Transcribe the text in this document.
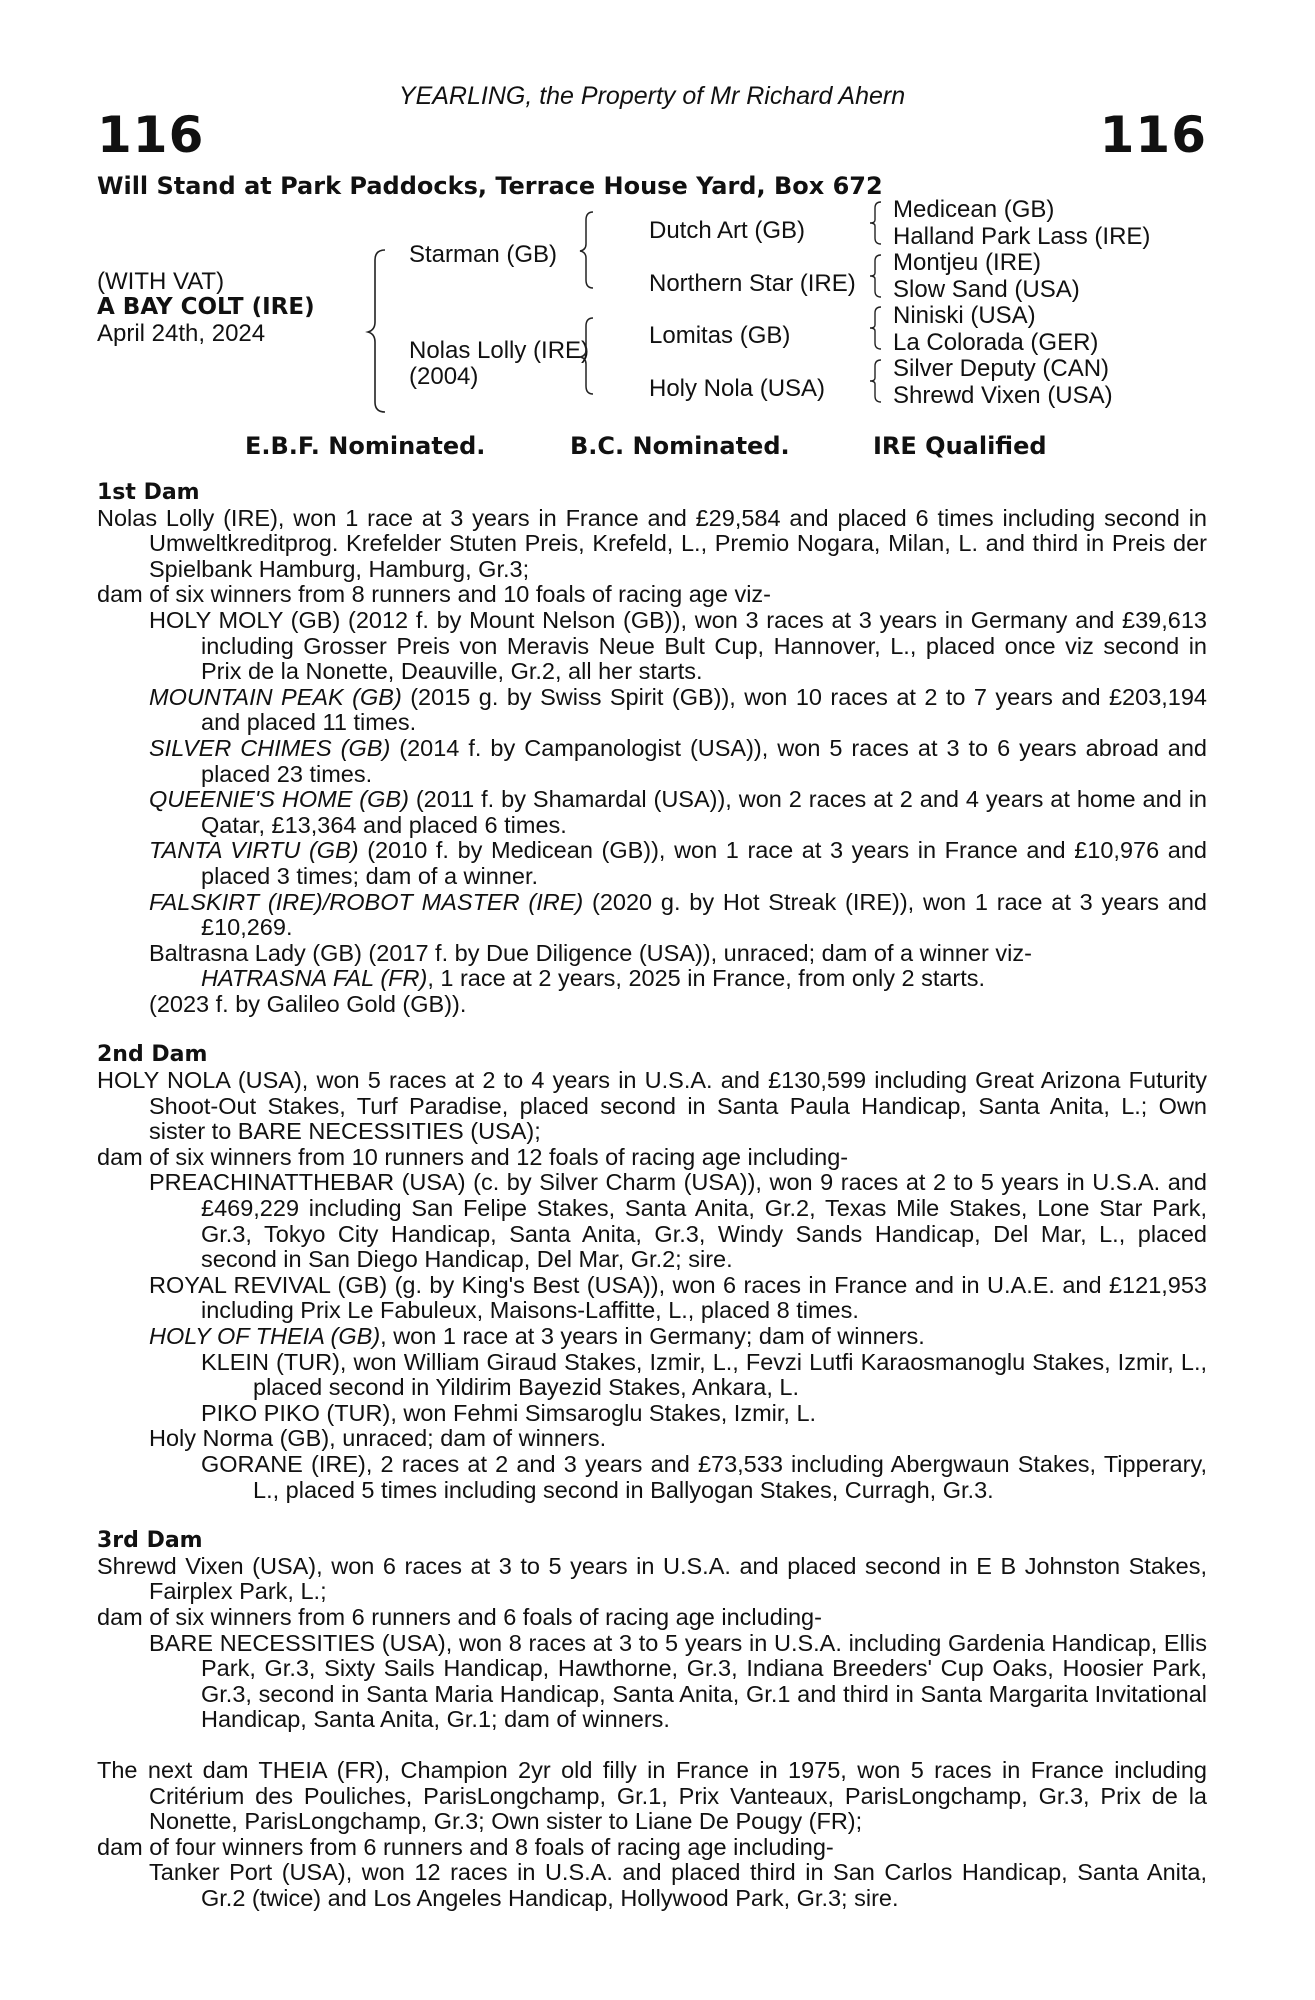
YEARLING, the Property of Mr Richard Ahern
116	116
Will Stand at Park Paddocks, Terrace House Yard, Box 672
(WITH VAT)
A BAY COLT (IRE)
April 24th, 2024
Starman (GB)
Nolas Lolly (IRE)
(2004)
Dutch Art (GB)
Northern Star (IRE)
Lomitas (GB)
Holy Nola (USA)
Medicean (GB)
Halland Park Lass (IRE)
Montjeu (IRE)
Slow Sand (USA)
Niniski (USA)
La Colorada (GER)
Silver Deputy (CAN)
Shrewd Vixen (USA)
E.B.F. Nominated.	B.C. Nominated.	IRE Qualified
1st Dam

Nolas Lolly (IRE), won 1 race at 3 years in France and £29,584 and placed 6 times including second in Umweltkreditprog. Krefelder Stuten Preis, Krefeld, L., Premio Nogara, Milan, L. and third in Preis der Spielbank Hamburg, Hamburg, Gr.3;

dam of six winners from 8 runners and 10 foals of racing age viz-

HOLY MOLY (GB) (2012 f. by Mount Nelson (GB)), won 3 races at 3 years in Germany and £39,613 including Grosser Preis von Meravis Neue Bult Cup, Hannover, L., placed once viz second in Prix de la Nonette, Deauville, Gr.2, all her starts.

MOUNTAIN PEAK (GB) (2015 g. by Swiss Spirit (GB)), won 10 races at 2 to 7 years and £203,194 and placed 11 times.

SILVER CHIMES (GB) (2014 f. by Campanologist (USA)), won 5 races at 3 to 6 years abroad and placed 23 times.

QUEENIE'S HOME (GB) (2011 f. by Shamardal (USA)), won 2 races at 2 and 4 years at home and in Qatar, £13,364 and placed 6 times.

TANTA VIRTU (GB) (2010 f. by Medicean (GB)), won 1 race at 3 years in France and £10,976 and placed 3 times; dam of a winner.

FALSKIRT (IRE)/ROBOT MASTER (IRE) (2020 g. by Hot Streak (IRE)), won 1 race at 3 years and £10,269.

Baltrasna Lady (GB) (2017 f. by Due Diligence (USA)), unraced; dam of a winner viz-

HATRASNA FAL (FR), 1 race at 2 years, 2025 in France, from only 2 starts.

(2023 f. by Galileo Gold (GB)).

2nd Dam

HOLY NOLA (USA), won 5 races at 2 to 4 years in U.S.A. and £130,599 including Great Arizona Futurity Shoot-Out Stakes, Turf Paradise, placed second in Santa Paula Handicap, Santa Anita, L.; Own sister to BARE NECESSITIES (USA);

dam of six winners from 10 runners and 12 foals of racing age including-

PREACHINATTHEBAR (USA) (c. by Silver Charm (USA)), won 9 races at 2 to 5 years in U.S.A. and £469,229 including San Felipe Stakes, Santa Anita, Gr.2, Texas Mile Stakes, Lone Star Park, Gr.3, Tokyo City Handicap, Santa Anita, Gr.3, Windy Sands Handicap, Del Mar, L., placed second in San Diego Handicap, Del Mar, Gr.2; sire.

ROYAL REVIVAL (GB) (g. by King's Best (USA)), won 6 races in France and in U.A.E. and £121,953 including Prix Le Fabuleux, Maisons-Laffitte, L., placed 8 times.

HOLY OF THEIA (GB), won 1 race at 3 years in Germany; dam of winners.

KLEIN (TUR), won William Giraud Stakes, Izmir, L., Fevzi Lutfi Karaosmanoglu Stakes, Izmir, L., placed second in Yildirim Bayezid Stakes, Ankara, L.

PIKO PIKO (TUR), won Fehmi Simsaroglu Stakes, Izmir, L.

Holy Norma (GB), unraced; dam of winners.

GORANE (IRE), 2 races at 2 and 3 years and £73,533 including Abergwaun Stakes, Tipperary, L., placed 5 times including second in Ballyogan Stakes, Curragh, Gr.3.

3rd Dam

Shrewd Vixen (USA), won 6 races at 3 to 5 years in U.S.A. and placed second in E B Johnston Stakes, Fairplex Park, L.;

dam of six winners from 6 runners and 6 foals of racing age including-

BARE NECESSITIES (USA), won 8 races at 3 to 5 years in U.S.A. including Gardenia Handicap, Ellis Park, Gr.3, Sixty Sails Handicap, Hawthorne, Gr.3, Indiana Breeders' Cup Oaks, Hoosier Park, Gr.3, second in Santa Maria Handicap, Santa Anita, Gr.1 and third in Santa Margarita Invitational Handicap, Santa Anita, Gr.1; dam of winners.

The next dam THEIA (FR), Champion 2yr old filly in France in 1975, won 5 races in France including Critérium des Pouliches, ParisLongchamp, Gr.1, Prix Vanteaux, ParisLongchamp, Gr.3, Prix de la Nonette, ParisLongchamp, Gr.3; Own sister to Liane De Pougy (FR);

dam of four winners from 6 runners and 8 foals of racing age including-

Tanker Port (USA), won 12 races in U.S.A. and placed third in San Carlos Handicap, Santa Anita, Gr.2 (twice) and Los Angeles Handicap, Hollywood Park, Gr.3; sire.
